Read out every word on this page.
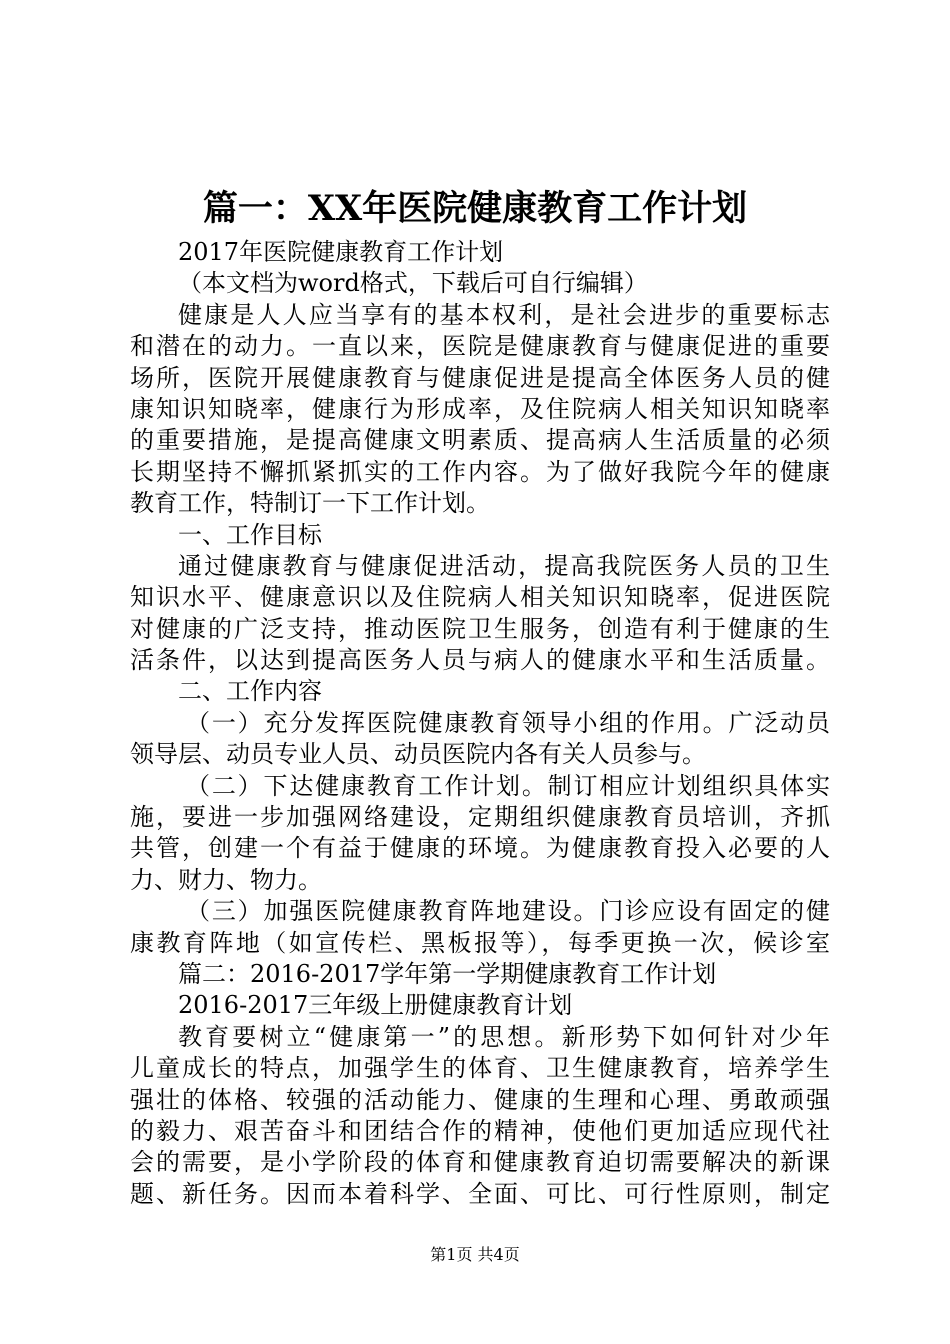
篇一：XX年医院健康教育工作计划
2017年医院健康教育工作计划
（本文档为word格式，下载后可自行编辑）
健康是人人应当享有的基本权利，是社会进步的重要标志
和潜在的动力。一直以来，医院是健康教育与健康促进的重要
场所，医院开展健康教育与健康促进是提高全体医务人员的健
康知识知晓率，健康行为形成率，及住院病人相关知识知晓率
的重要措施，是提高健康文明素质、提高病人生活质量的必须
长期坚持不懈抓紧抓实的工作内容。为了做好我院今年的健康
教育工作，特制订一下工作计划。
一、工作目标
通过健康教育与健康促进活动，提高我院医务人员的卫生
知识水平、健康意识以及住院病人相关知识知晓率，促进医院
对健康的广泛支持，推动医院卫生服务，创造有利于健康的生
活条件，以达到提高医务人员与病人的健康水平和生活质量。
二、工作内容
（一）充分发挥医院健康教育领导小组的作用。广泛动员
领导层、动员专业人员、动员医院内各有关人员参与。
（二）下达健康教育工作计划。制订相应计划组织具体实
施，要进一步加强网络建设，定期组织健康教育员培训，齐抓
共管，创建一个有益于健康的环境。为健康教育投入必要的人
力、财力、物力。
（三）加强医院健康教育阵地建设。门诊应设有固定的健
康教育阵地（如宣传栏、黑板报等），每季更换一次，候诊室
篇二：2016-2017学年第一学期健康教育工作计划
2016-2017三年级上册健康教育计划
教育要树立“健康第一”的思想。新形势下如何针对少年
儿童成长的特点，加强学生的体育、卫生健康教育，培养学生
强壮的体格、较强的活动能力、健康的生理和心理、勇敢顽强
的毅力、艰苦奋斗和团结合作的精神，使他们更加适应现代社
会的需要，是小学阶段的体育和健康教育迫切需要解决的新课
题、新任务。因而本着科学、全面、可比、可行性原则，制定
第1页 共4页
